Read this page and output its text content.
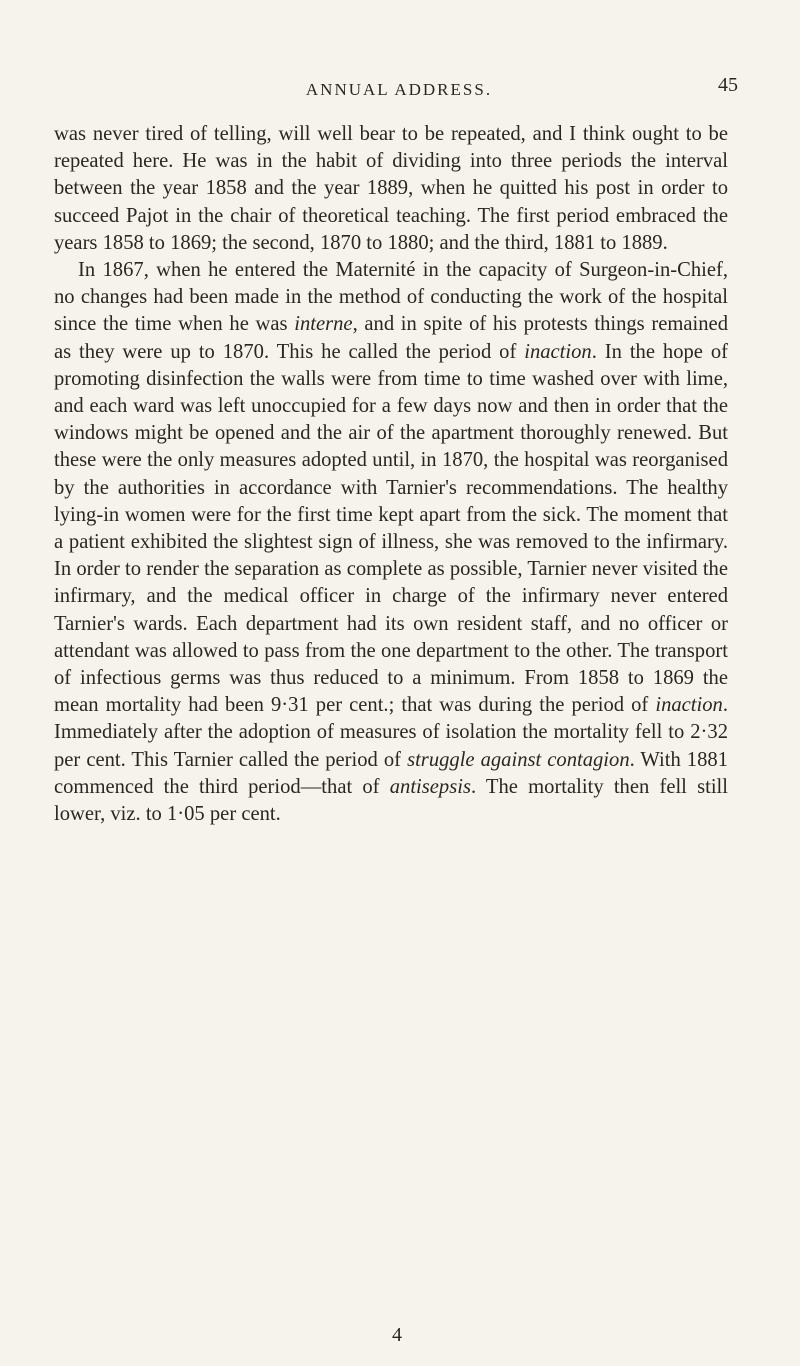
ANNUAL ADDRESS.	45

was never tired of telling, will well bear to be repeated, and I think ought to be repeated here. He was in the habit of dividing into three periods the interval between the year 1858 and the year 1889, when he quitted his post in order to succeed Pajot in the chair of theoretical teaching. The first period embraced the years 1858 to 1869; the second, 1870 to 1880; and the third, 1881 to 1889.

In 1867, when he entered the Maternité in the capacity of Surgeon-in-Chief, no changes had been made in the method of conducting the work of the hospital since the time when he was interne, and in spite of his protests things remained as they were up to 1870. This he called the period of inaction. In the hope of promoting disinfection the walls were from time to time washed over with lime, and each ward was left unoccupied for a few days now and then in order that the windows might be opened and the air of the apartment thoroughly renewed. But these were the only measures adopted until, in 1870, the hospital was reorganised by the authorities in accordance with Tarnier's recommendations. The healthy lying-in women were for the first time kept apart from the sick. The moment that a patient exhibited the slightest sign of illness, she was removed to the infirmary. In order to render the separation as complete as possible, Tarnier never visited the infirmary, and the medical officer in charge of the infirmary never entered Tarnier's wards. Each department had its own resident staff, and no officer or attendant was allowed to pass from the one department to the other. The transport of infectious germs was thus reduced to a minimum. From 1858 to 1869 the mean mortality had been 9·31 per cent.; that was during the period of inaction. Immediately after the adoption of measures of isolation the mortality fell to 2·32 per cent. This Tarnier called the period of struggle against contagion. With 1881 commenced the third period—that of antisepsis. The mortality then fell still lower, viz. to 1·05 per cent.

4
